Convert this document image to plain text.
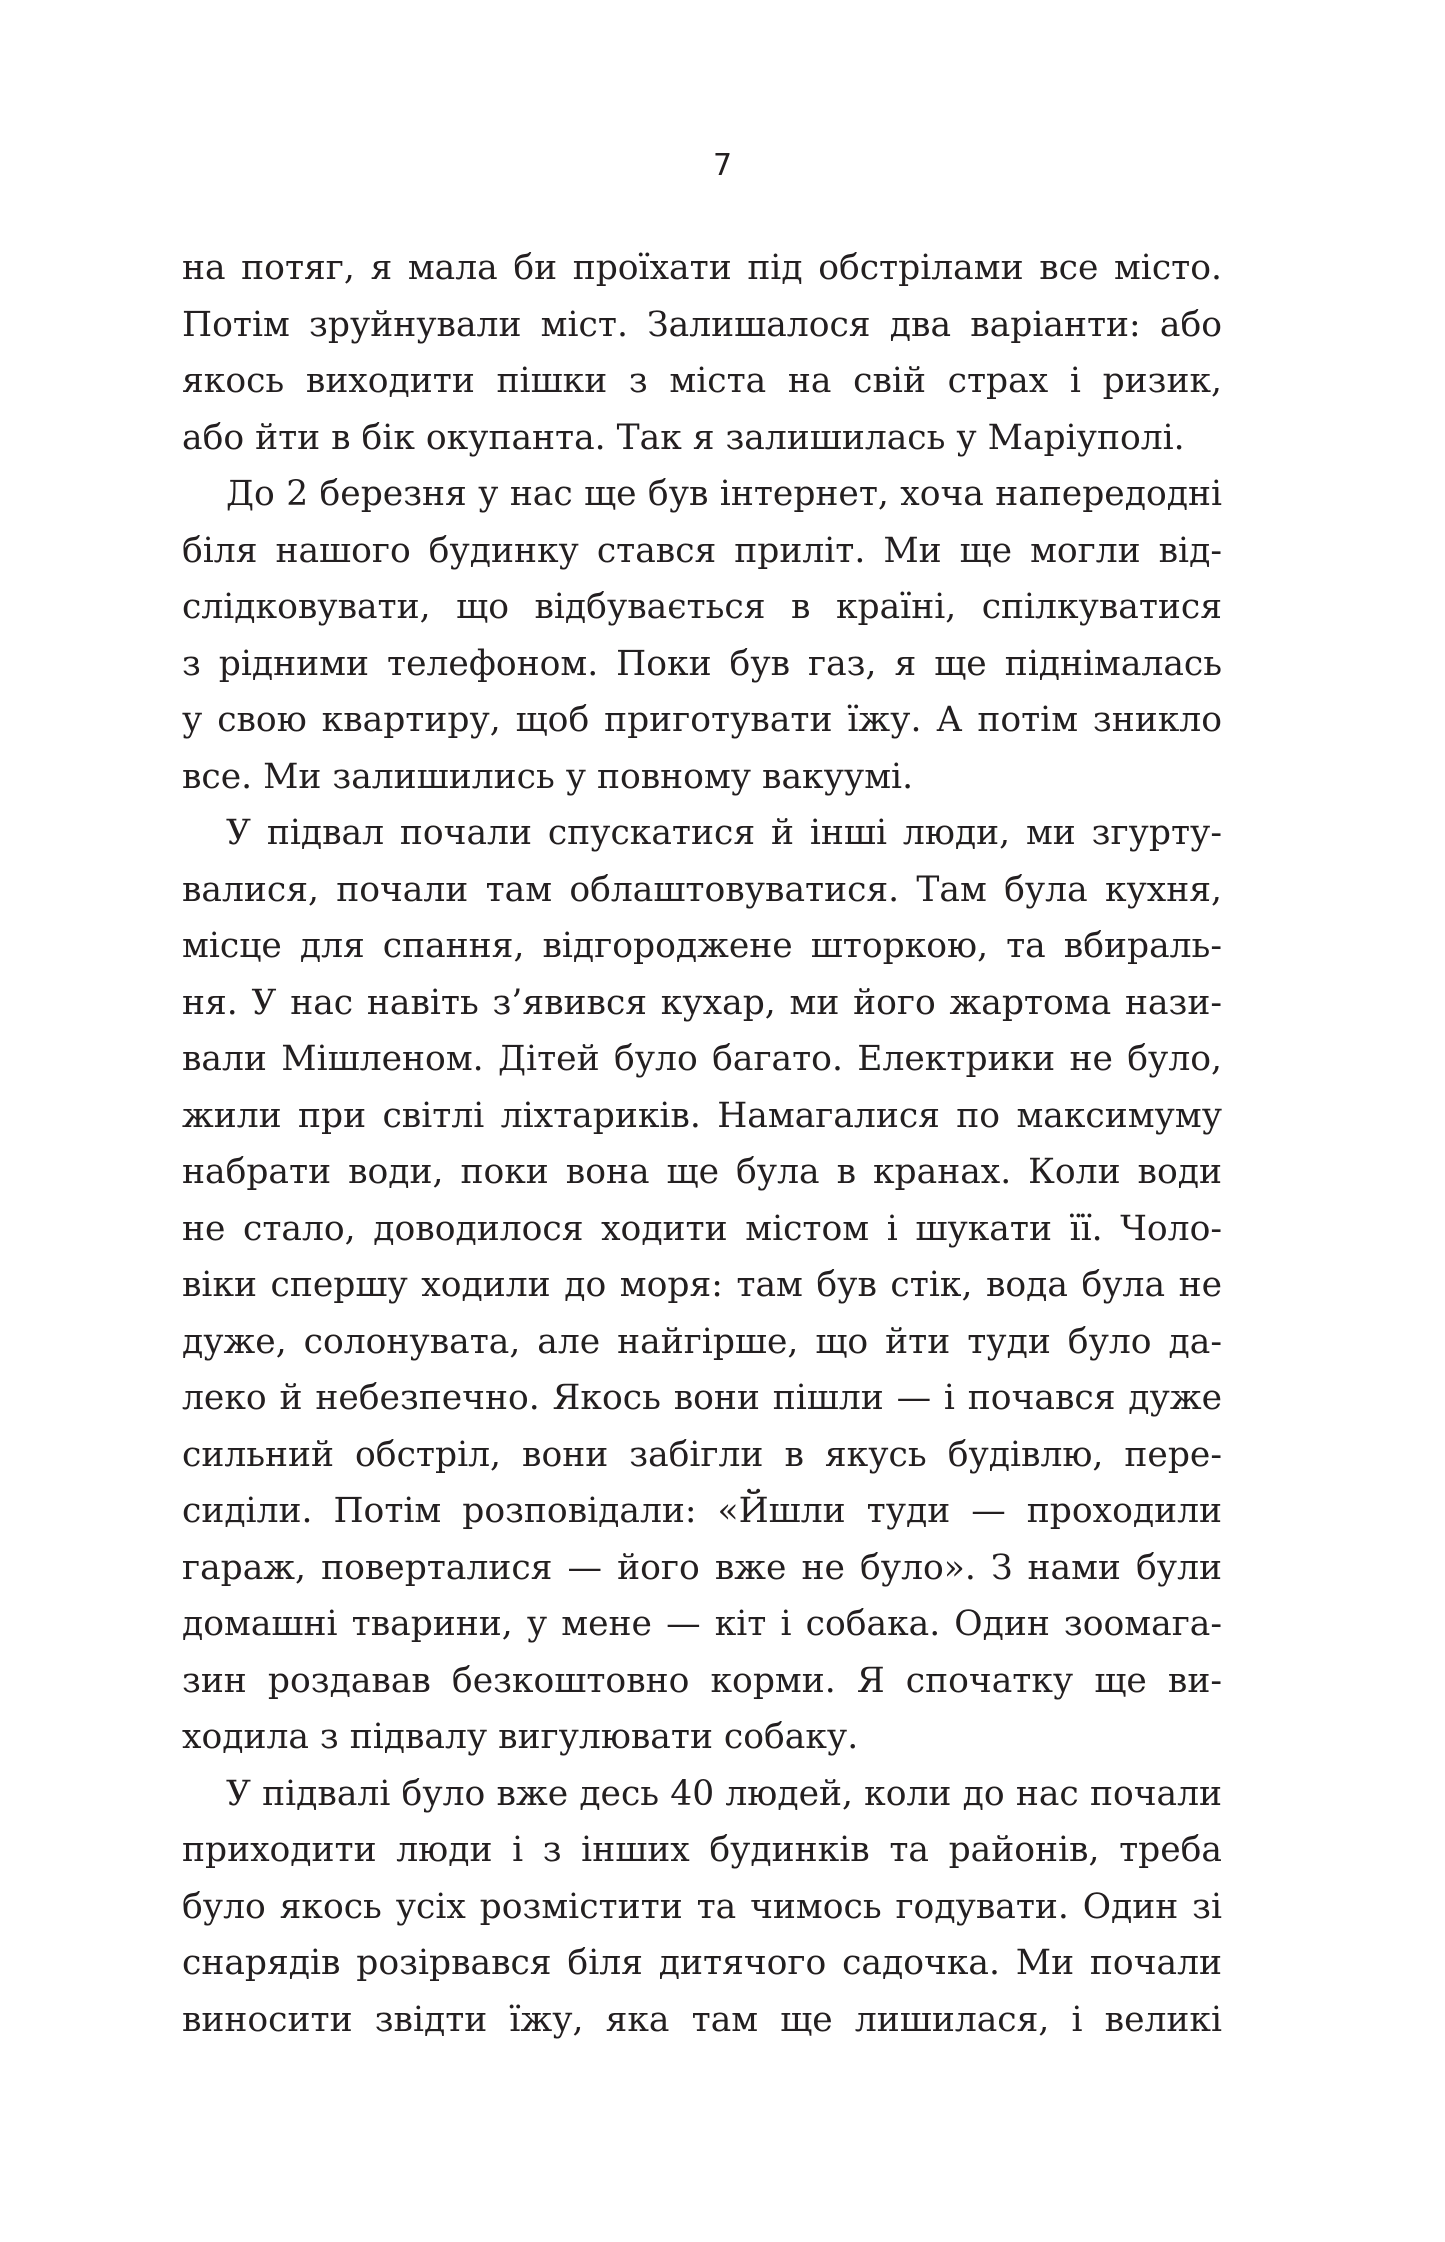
7
на потяг, я мала би проїхати під обстрілами все місто.
Потім зруйнували міст. Залишалося два варіанти: або
якось виходити пішки з міста на свій страх і ризик,
або йти в бік окупанта. Так я залишилась у Маріуполі.
До 2 березня у нас ще був інтернет, хоча напередодні
біля нашого будинку стався приліт. Ми ще могли від-
слідковувати, що відбувається в країні, спілкуватися
з рідними телефоном. Поки був газ, я ще піднімалась
у свою квартиру, щоб приготувати їжу. А потім зникло
все. Ми залишились у повному вакуумі.
У підвал почали спускатися й інші люди, ми згурту-
валися, почали там облаштовуватися. Там була кухня,
місце для спання, відгороджене шторкою, та вбираль-
ня. У нас навіть з’явився кухар, ми його жартома нази-
вали Мішленом. Дітей було багато. Електрики не було,
жили при світлі ліхтариків. Намагалися по максимуму
набрати води, поки вона ще була в кранах. Коли води
не стало, доводилося ходити містом і шукати її. Чоло-
віки спершу ходили до моря: там був стік, вода була не
дуже, солонувата, але найгірше, що йти туди було да-
леко й небезпечно. Якось вони пішли — і почався дуже
сильний обстріл, вони забігли в якусь будівлю, пере-
сиділи. Потім розповідали: «Йшли туди — проходили
гараж, поверталися — його вже не було». З нами були
домашні тварини, у мене — кіт і собака. Один зоомага-
зин роздавав безкоштовно корми. Я спочатку ще ви-
ходила з підвалу вигулювати собаку.
У підвалі було вже десь 40 людей, коли до нас почали
приходити люди і з інших будинків та районів, треба
було якось усіх розмістити та чимось годувати. Один зі
снарядів розірвався біля дитячого садочка. Ми почали
виносити звідти їжу, яка там ще лишилася, і великі
